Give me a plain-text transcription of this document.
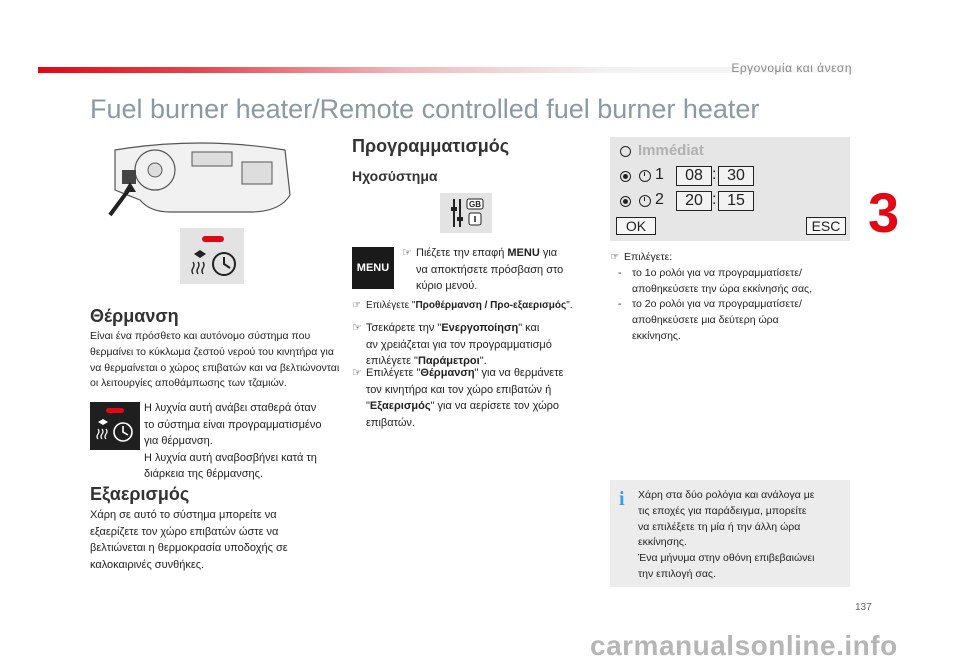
Εργονομία και άνεση
Fuel burner heater/Remote controlled fuel burner heater
3
Θέρμανση
Είναι ένα πρόσθετο και αυτόνομο σύστημα που
θερμαίνει το κύκλωμα ζεστού νερού του κινητήρα για
να θερμαίνεται ο χώρος επιβατών και να βελτιώνονται
οι λειτουργίες αποθάμπωσης των τζαμιών.
Η λυχνία αυτή ανάβει σταθερά όταν
το σύστημα είναι προγραμματισμένο
για θέρμανση.
Η λυχνία αυτή αναβοσβήνει κατά τη
διάρκεια της θέρμανσης.
Εξαερισμός
Χάρη σε αυτό το σύστημα μπορείτε να
εξαερίζετε τον χώρο επιβατών ώστε να
βελτιώνεται η θερμοκρασία υποδοχής σε
καλοκαιρινές συνθήκες.
Προγραμματισμός
Ηχοσύστημα
GB
MENU
☞ Πιέζετε την επαφή MENU για
να αποκτήσετε πρόσβαση στο
κύριο μενού.
☞ Επιλέγετε "Προθέρμανση / Προ-εξαερισμός".
☞ Τσεκάρετε την "Ενεργοποίηση" και
αν χρειάζεται για τον προγραμματισμό
επιλέγετε "Παράμετροι".
☞ Επιλέγετε "Θέρμανση" για να θερμάνετε
τον κινητήρα και τον χώρο επιβατών ή
"Εξαερισμός" για να αερίσετε τον χώρο
επιβατών.
Immédiat
1	08 : 30
2	20 : 15
OK	ESC
☞ Επιλέγετε:
- το 1ο ρολόι για να προγραμματίσετε/
αποθηκεύσετε την ώρα εκκίνησής σας,
- το 2ο ρολόι για να προγραμματίσετε/
αποθηκεύσετε μια δεύτερη ώρα
εκκίνησης.
i Χάρη στα δύο ρολόγια και ανάλογα με
τις εποχές για παράδειγμα, μπορείτε
να επιλέξετε τη μία ή την άλλη ώρα
εκκίνησης.
Ένα μήνυμα στην οθόνη επιβεβαιώνει
την επιλογή σας.
137
carmanualsonline.info
